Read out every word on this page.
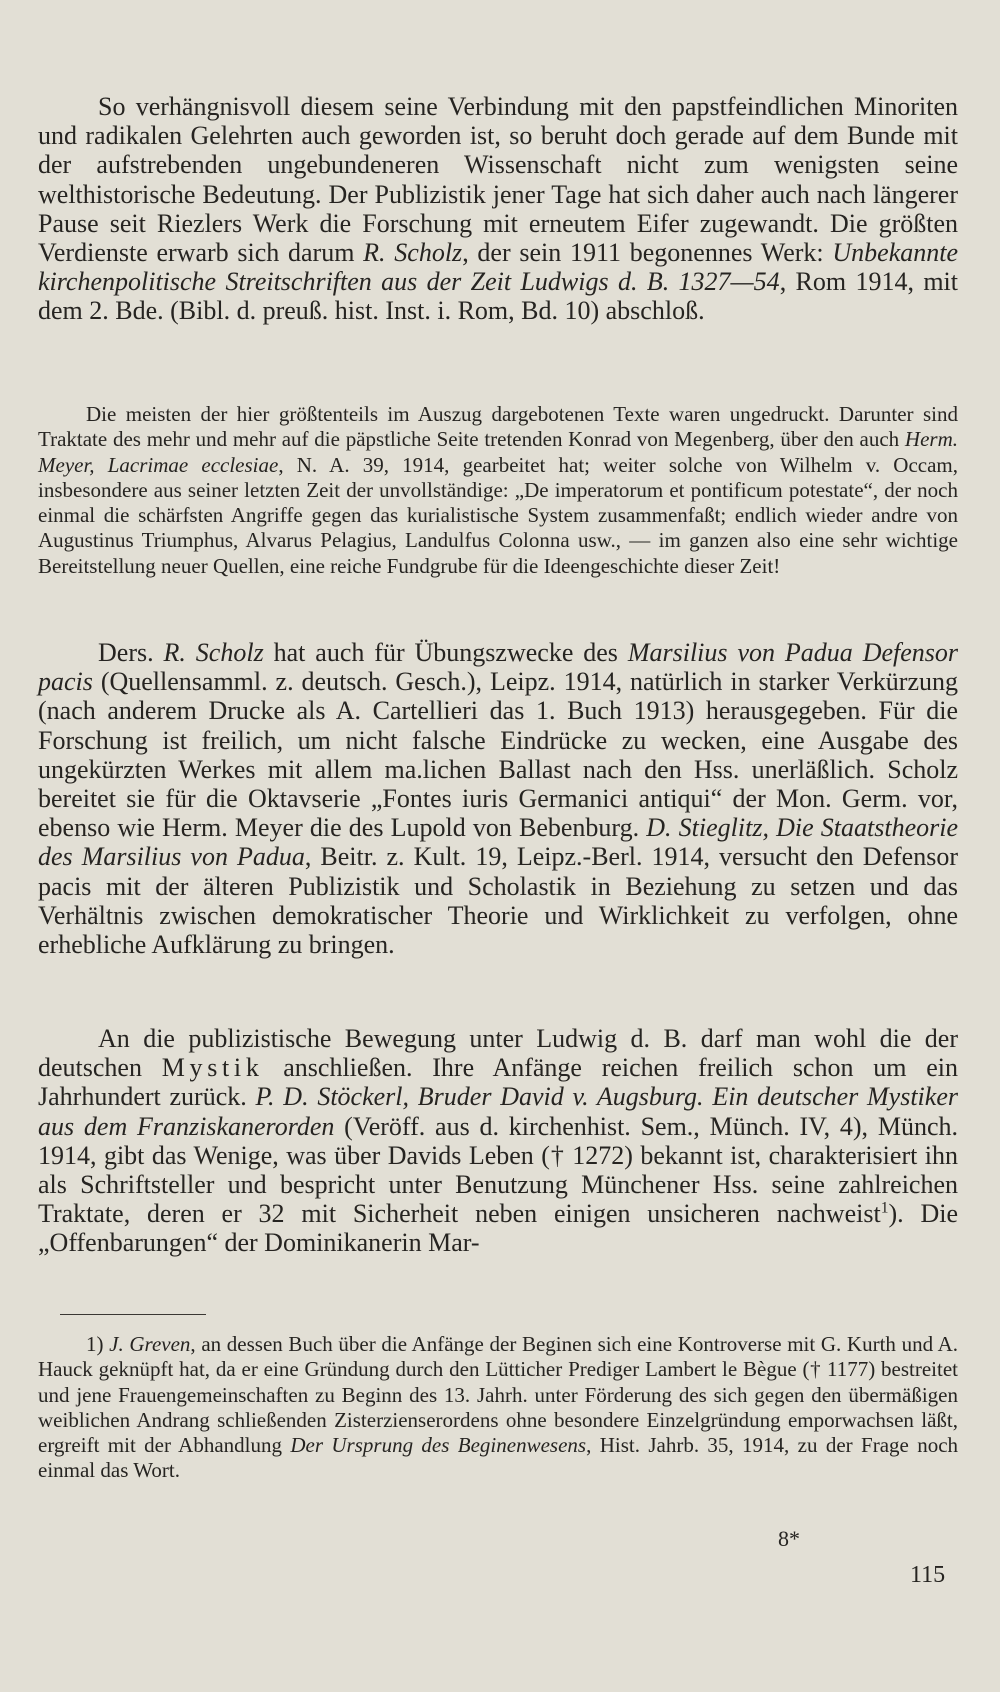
So verhängnisvoll diesem seine Verbindung mit den papstfeindlichen Minoriten und radikalen Gelehrten auch geworden ist, so beruht doch gerade auf dem Bunde mit der aufstrebenden ungebundeneren Wissenschaft nicht zum wenigsten seine welthistorische Bedeutung. Der Publizistik jener Tage hat sich daher auch nach längerer Pause seit Riezlers Werk die Forschung mit erneutem Eifer zugewandt. Die größten Verdienste erwarb sich darum R. Scholz, der sein 1911 begonennes Werk: Unbekannte kirchenpolitische Streitschriften aus der Zeit Ludwigs d. B. 1327—54, Rom 1914, mit dem 2. Bde. (Bibl. d. preuß. hist. Inst. i. Rom, Bd. 10) abschloß.

Die meisten der hier größtenteils im Auszug dargebotenen Texte waren ungedruckt. Darunter sind Traktate des mehr und mehr auf die päpstliche Seite tretenden Konrad von Megenberg, über den auch Herm. Meyer, Lacrimae ecclesiae, N. A. 39, 1914, gearbeitet hat; weiter solche von Wilhelm v. Occam, insbesondere aus seiner letzten Zeit der unvollständige: „De imperatorum et pontificum potestate“, der noch einmal die schärfsten Angriffe gegen das kurialistische System zusammenfaßt; endlich wieder andre von Augustinus Triumphus, Alvarus Pelagius, Landulfus Colonna usw., — im ganzen also eine sehr wichtige Bereitstellung neuer Quellen, eine reiche Fundgrube für die Ideengeschichte dieser Zeit!

Ders. R. Scholz hat auch für Übungszwecke des Marsilius von Padua Defensor pacis (Quellensamml. z. deutsch. Gesch.), Leipz. 1914, natürlich in starker Verkürzung (nach anderem Drucke als A. Cartellieri das 1. Buch 1913) herausgegeben. Für die Forschung ist freilich, um nicht falsche Eindrücke zu wecken, eine Ausgabe des ungekürzten Werkes mit allem ma.lichen Ballast nach den Hss. unerläßlich. Scholz bereitet sie für die Oktavserie „Fontes iuris Germanici antiqui“ der Mon. Germ. vor, ebenso wie Herm. Meyer die des Lupold von Bebenburg. D. Stieglitz, Die Staatstheorie des Marsilius von Padua, Beitr. z. Kult. 19, Leipz.-Berl. 1914, versucht den Defensor pacis mit der älteren Publizistik und Scholastik in Beziehung zu setzen und das Verhältnis zwischen demokratischer Theorie und Wirklichkeit zu verfolgen, ohne erhebliche Aufklärung zu bringen.

An die publizistische Bewegung unter Ludwig d. B. darf man wohl die der deutschen Mystik anschließen. Ihre Anfänge reichen freilich schon um ein Jahrhundert zurück. P. D. Stöckerl, Bruder David v. Augsburg. Ein deutscher Mystiker aus dem Franziskanerorden (Veröff. aus d. kirchenhist. Sem., Münch. IV, 4), Münch. 1914, gibt das Wenige, was über Davids Leben († 1272) bekannt ist, charakterisiert ihn als Schriftsteller und bespricht unter Benutzung Münchener Hss. seine zahlreichen Traktate, deren er 32 mit Sicherheit neben einigen unsicheren nachweist$^1$). Die „Offenbarungen“ der Dominikanerin Mar-

1) J. Greven, an dessen Buch über die Anfänge der Beginen sich eine Kontroverse mit G. Kurth und A. Hauck geknüpft hat, da er eine Gründung durch den Lütticher Prediger Lambert le Bègue († 1177) bestreitet und jene Frauengemeinschaften zu Beginn des 13. Jahrh. unter Förderung des sich gegen den übermäßigen weiblichen Andrang schließenden Zisterzienserordens ohne besondere Einzelgründung emporwachsen läßt, ergreift mit der Abhandlung Der Ursprung des Beginenwesens, Hist. Jahrb. 35, 1914, zu der Frage noch einmal das Wort.

8*
115
